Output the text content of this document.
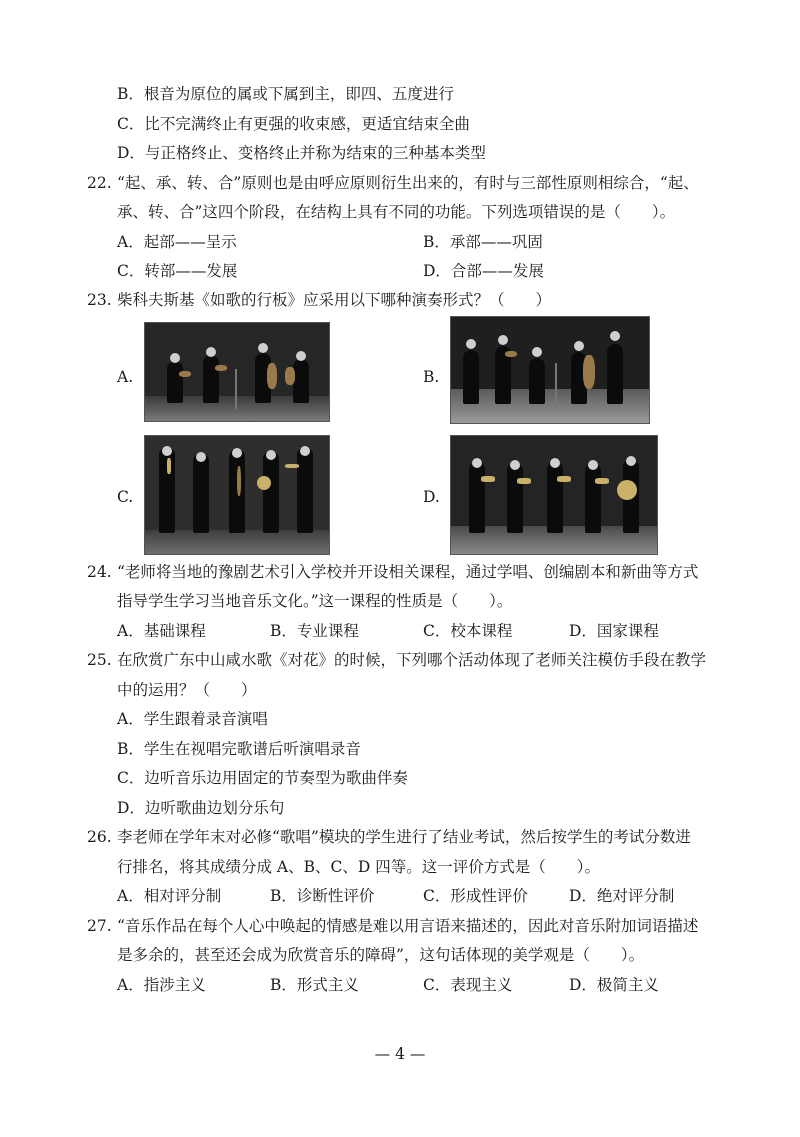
B．根音为原位的属或下属到主，即四、五度进行
C．比不完满终止有更强的收束感，更适宜结束全曲
D．与正格终止、变格终止并称为结束的三种基本类型
22. “起、承、转、合”原则也是由呼应原则衍生出来的，有时与三部性原则相综合，“起、
承、转、合”这四个阶段，在结构上具有不同的功能。下列选项错误的是（　　）。
A．起部——呈示	B．承部——巩固
C．转部——发展	D．合部——发展
23. 柴科夫斯基《如歌的行板》应采用以下哪种演奏形式？（　　）
A.	B.
C.	D.
24. “老师将当地的豫剧艺术引入学校并开设相关课程，通过学唱、创编剧本和新曲等方式
指导学生学习当地音乐文化。”这一课程的性质是（　　）。
A．基础课程	B．专业课程	C．校本课程	D．国家课程
25. 在欣赏广东中山咸水歌《对花》的时候，下列哪个活动体现了老师关注模仿手段在教学
中的运用？（　　）
A．学生跟着录音演唱
B．学生在视唱完歌谱后听演唱录音
C．边听音乐边用固定的节奏型为歌曲伴奏
D．边听歌曲边划分乐句
26. 李老师在学年末对必修“歌唱”模块的学生进行了结业考试，然后按学生的考试分数进
行排名，将其成绩分成 A、B、C、D 四等。这一评价方式是（　　）。
A．相对评分制	B．诊断性评价	C．形成性评价	D．绝对评分制
27. “音乐作品在每个人心中唤起的情感是难以用言语来描述的，因此对音乐附加词语描述
是多余的，甚至还会成为欣赏音乐的障碍”，这句话体现的美学观是（　　）。
A．指涉主义	B．形式主义	C．表现主义	D．极简主义
— 4 —
